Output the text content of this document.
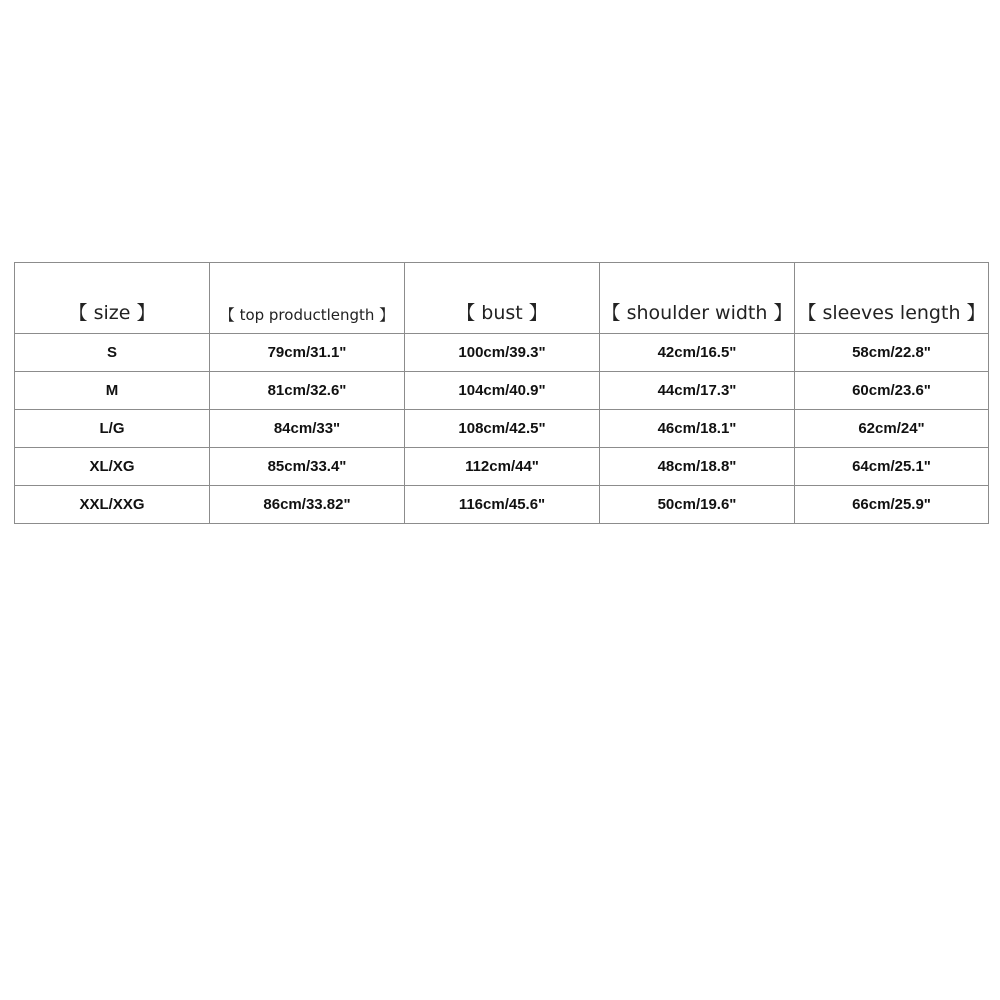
【 size 】	【 top productlength 】	【 bust 】	【 shoulder width 】	【 sleeves length 】
S	79cm/31.1"	100cm/39.3"	42cm/16.5"	58cm/22.8"
M	81cm/32.6"	104cm/40.9"	44cm/17.3"	60cm/23.6"
L/G	84cm/33"	108cm/42.5"	46cm/18.1"	62cm/24"
XL/XG	85cm/33.4"	112cm/44"	48cm/18.8"	64cm/25.1"
XXL/XXG	86cm/33.82"	116cm/45.6"	50cm/19.6"	66cm/25.9"
